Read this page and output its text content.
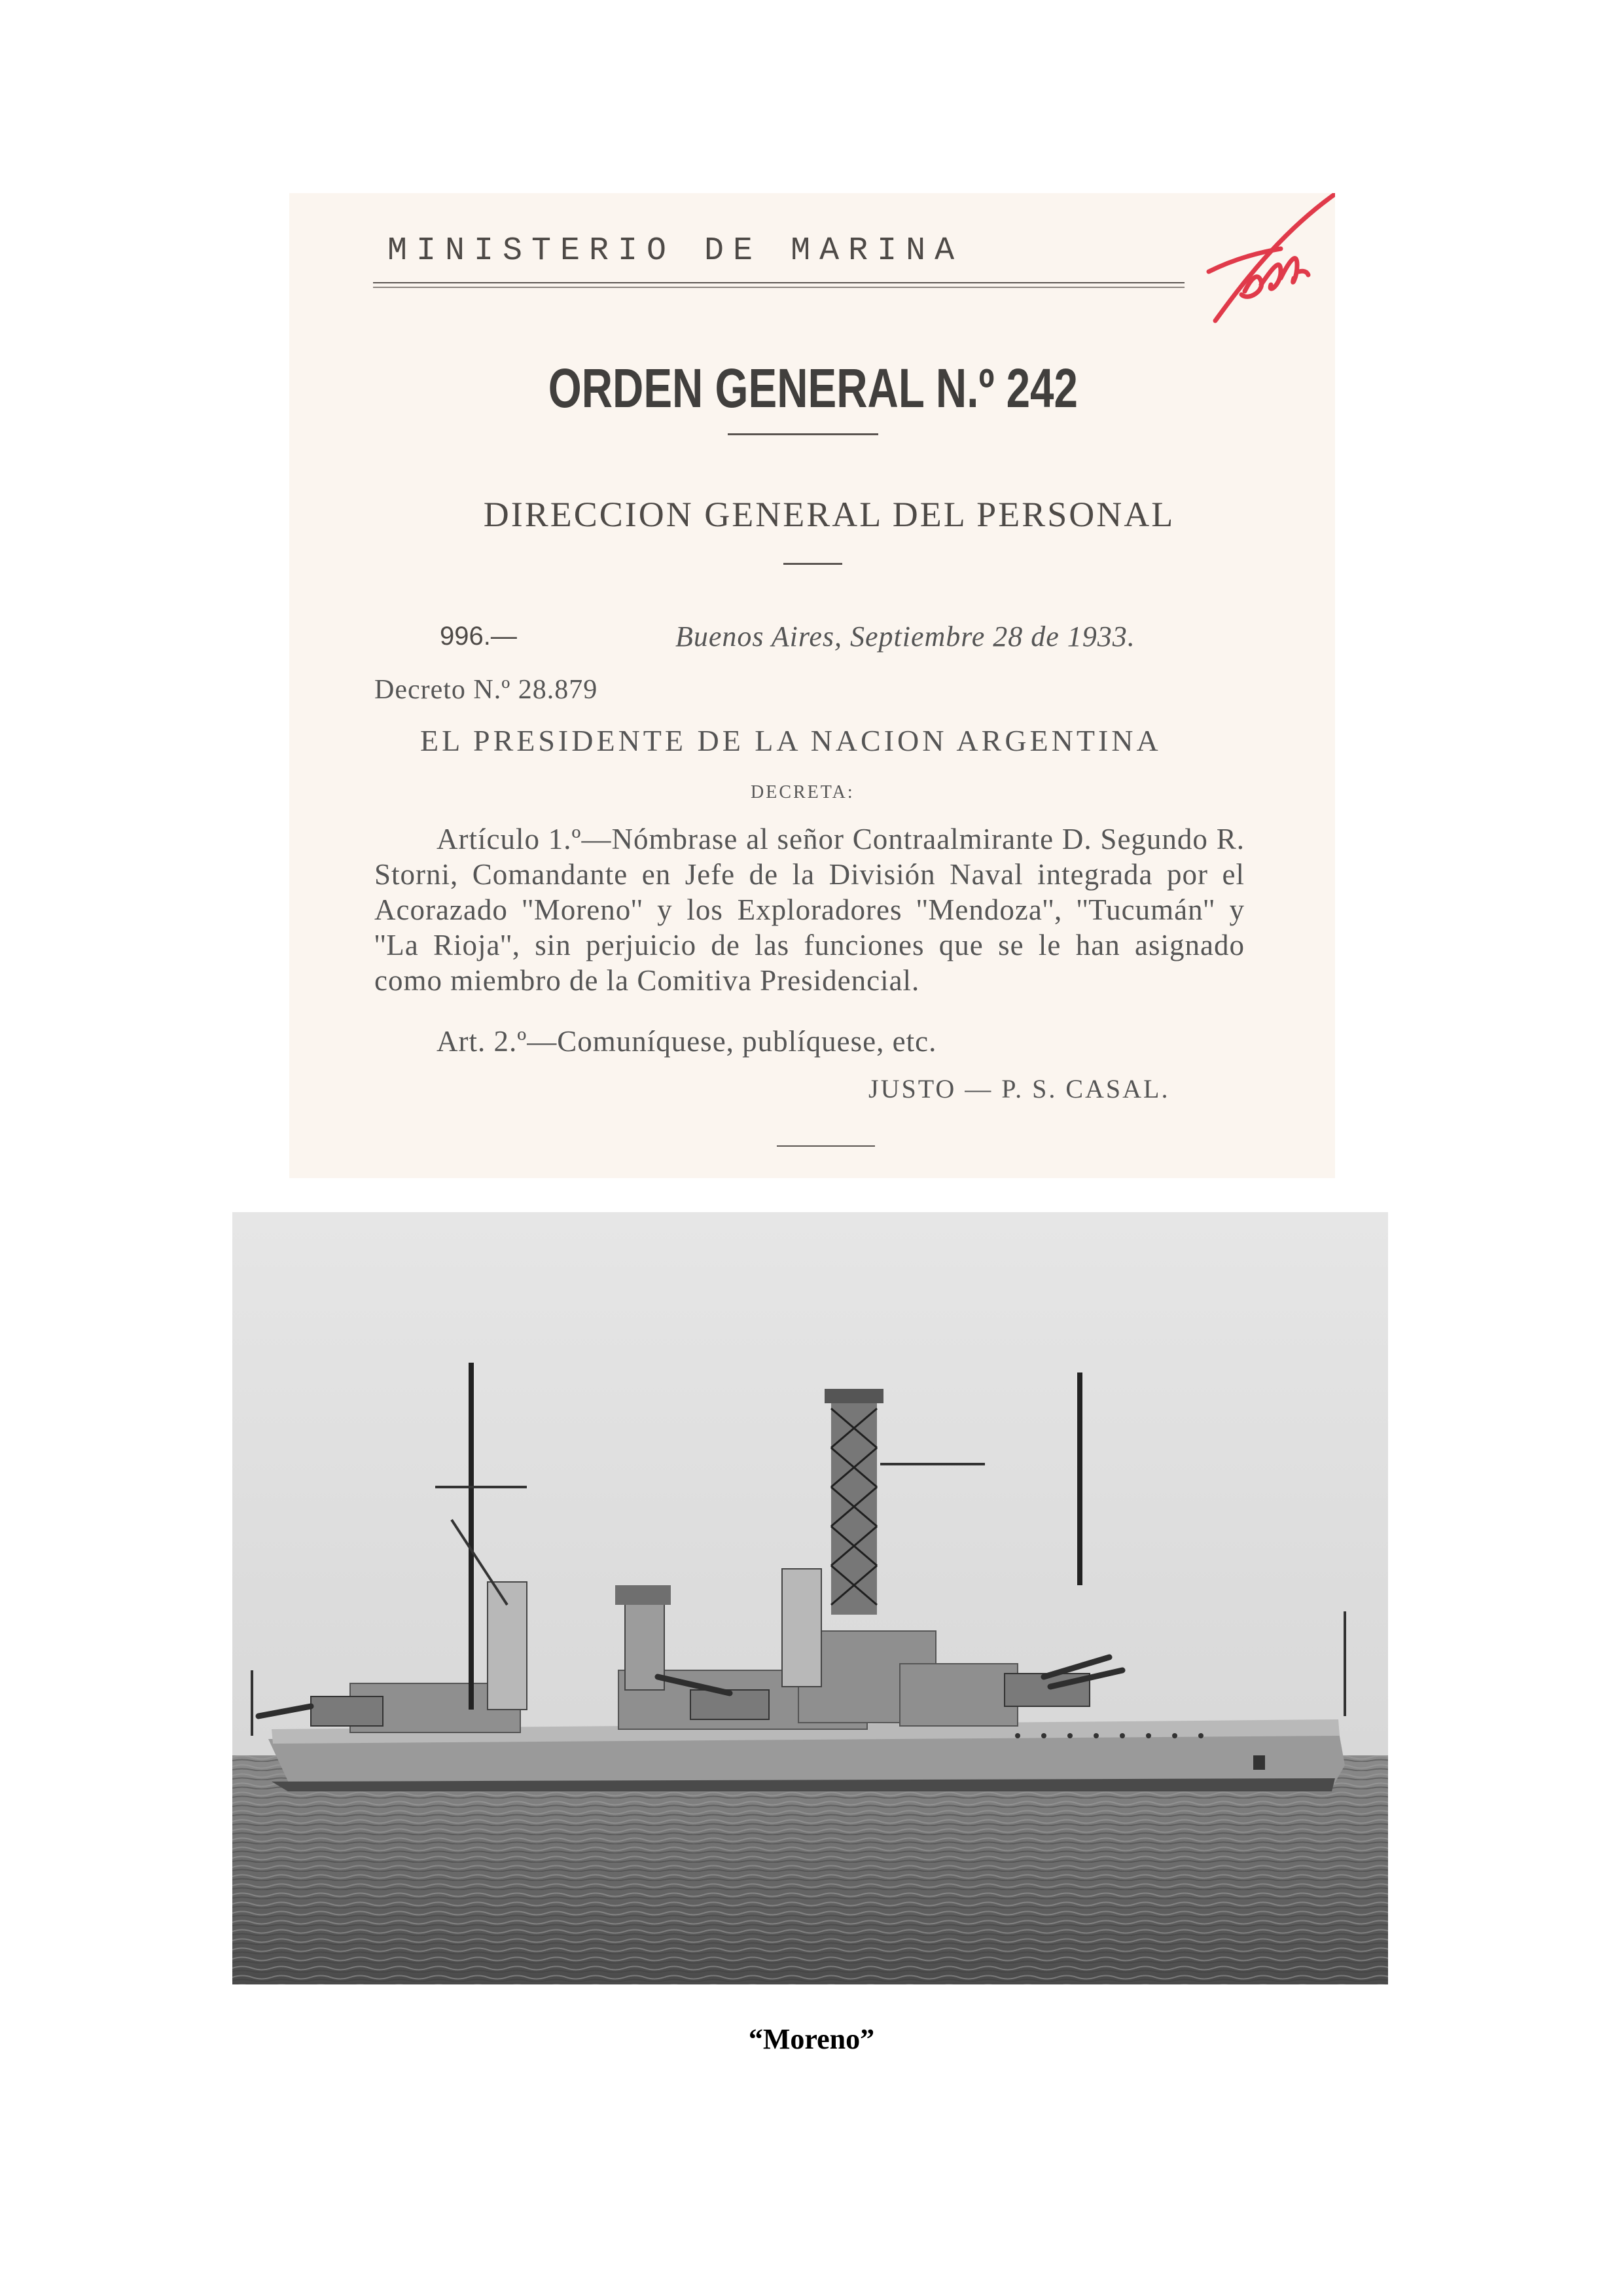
MINISTERIO DE MARINA
ORDEN GENERAL N.º 242
DIRECCION GENERAL DEL PERSONAL
996.—	Buenos Aires, Septiembre 28 de 1933.
Decreto N.º 28.879
EL PRESIDENTE DE LA NACION ARGENTINA
DECRETA:
Artículo 1.º—Nómbrase al señor Contraalmirante D. Segundo R. Storni, Comandante en Jefe de la División Naval integrada por el Acorazado ''Moreno'' y los Exploradores ''Mendoza'', ''Tucumán'' y ''La Rioja'', sin perjuicio de las funciones que se le han asignado como miembro de la Comitiva Presidencial.
Art. 2.º—Comuníquese, publíquese, etc.
JUSTO — P. S. CASAL.
“Moreno”
